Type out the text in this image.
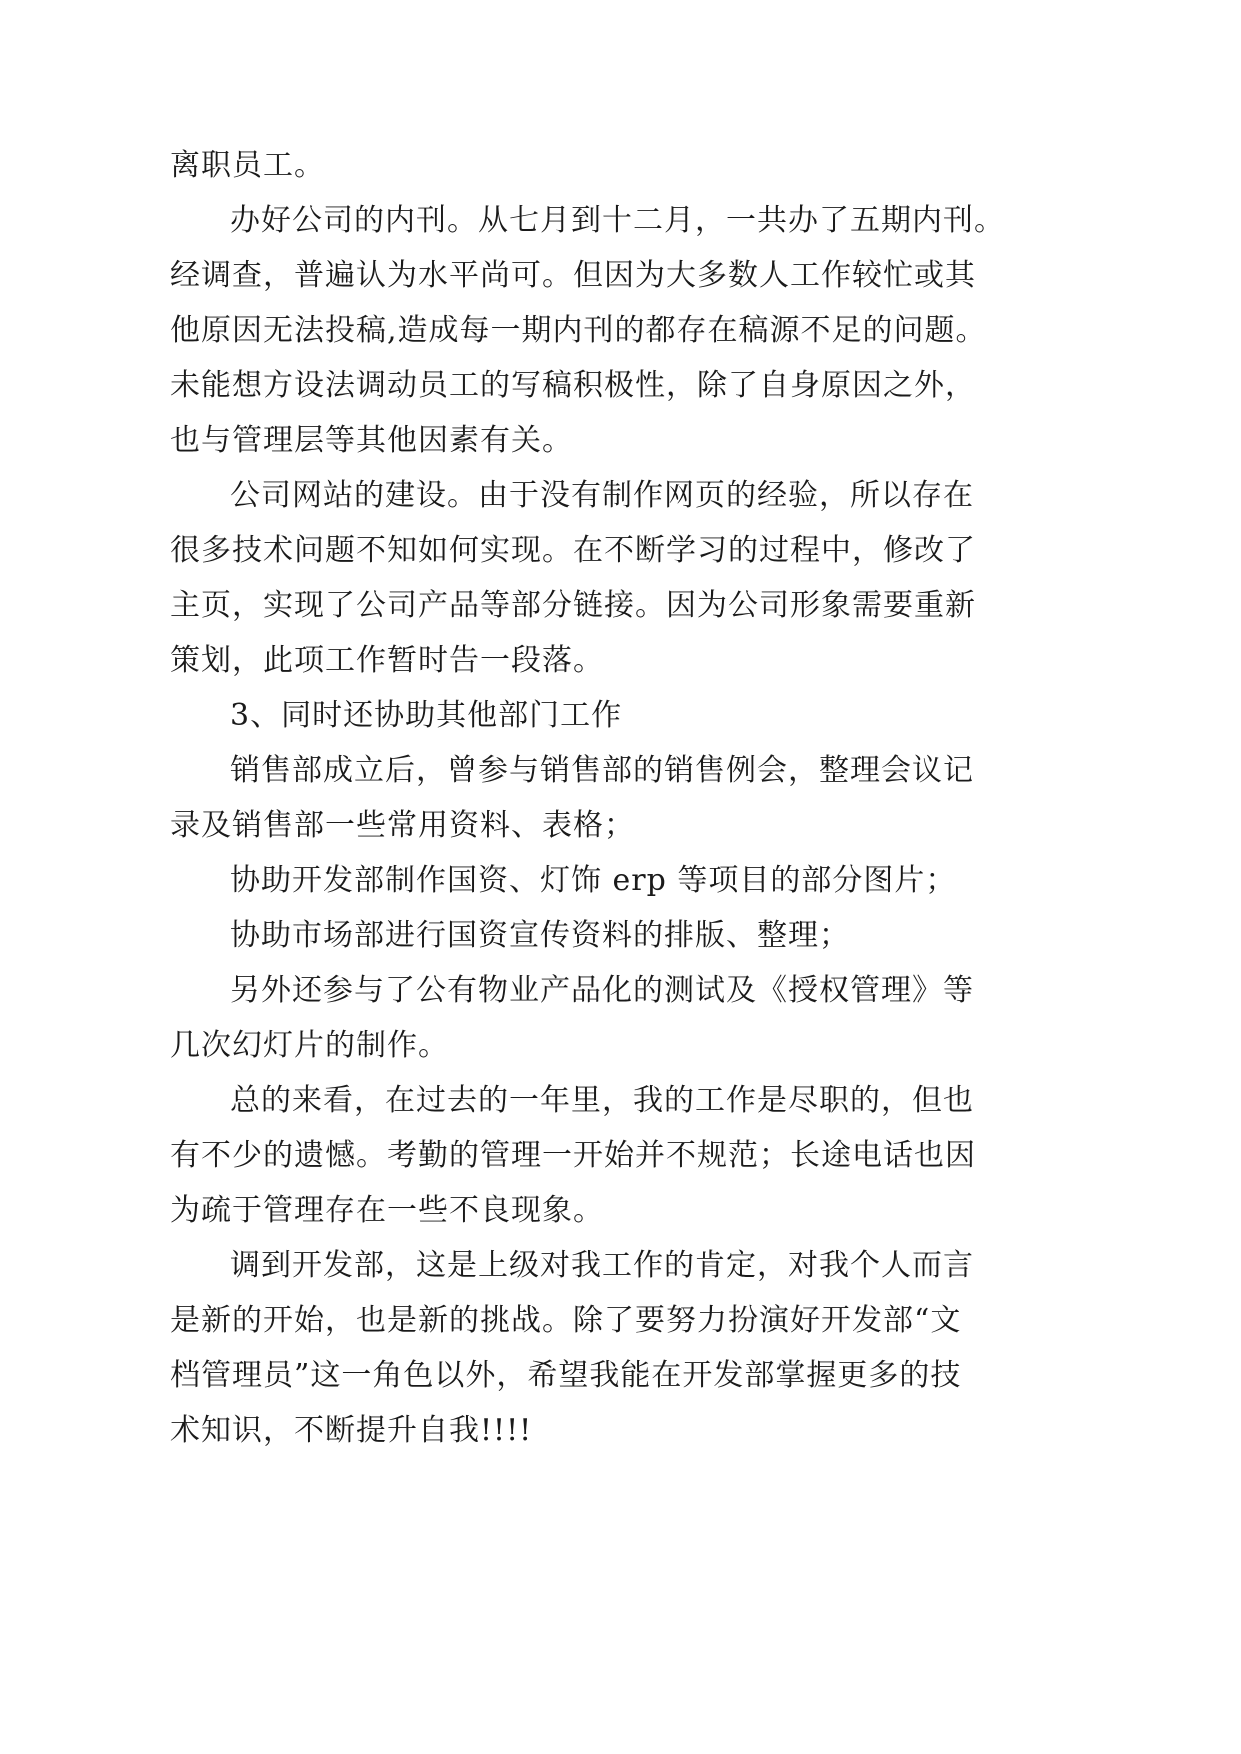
离职员工。

办好公司的内刊。从七月到十二月，一共办了五期内刊。

经调查，普遍认为水平尚可。但因为大多数人工作较忙或其

他原因无法投稿,造成每一期内刊的都存在稿源不足的问题。

未能想方设法调动员工的写稿积极性，除了自身原因之外，

也与管理层等其他因素有关。

公司网站的建设。由于没有制作网页的经验，所以存在

很多技术问题不知如何实现。在不断学习的过程中，修改了

主页，实现了公司产品等部分链接。因为公司形象需要重新

策划，此项工作暂时告一段落。

3、同时还协助其他部门工作

销售部成立后，曾参与销售部的销售例会，整理会议记

录及销售部一些常用资料、表格；

协助开发部制作国资、灯饰 erp 等项目的部分图片；

协助市场部进行国资宣传资料的排版、整理；

另外还参与了公有物业产品化的测试及《授权管理》等

几次幻灯片的制作。

总的来看，在过去的一年里，我的工作是尽职的，但也

有不少的遗憾。考勤的管理一开始并不规范；长途电话也因

为疏于管理存在一些不良现象。

调到开发部，这是上级对我工作的肯定，对我个人而言

是新的开始，也是新的挑战。除了要努力扮演好开发部“文

档管理员”这一角色以外，希望我能在开发部掌握更多的技

术知识，不断提升自我!!!!
